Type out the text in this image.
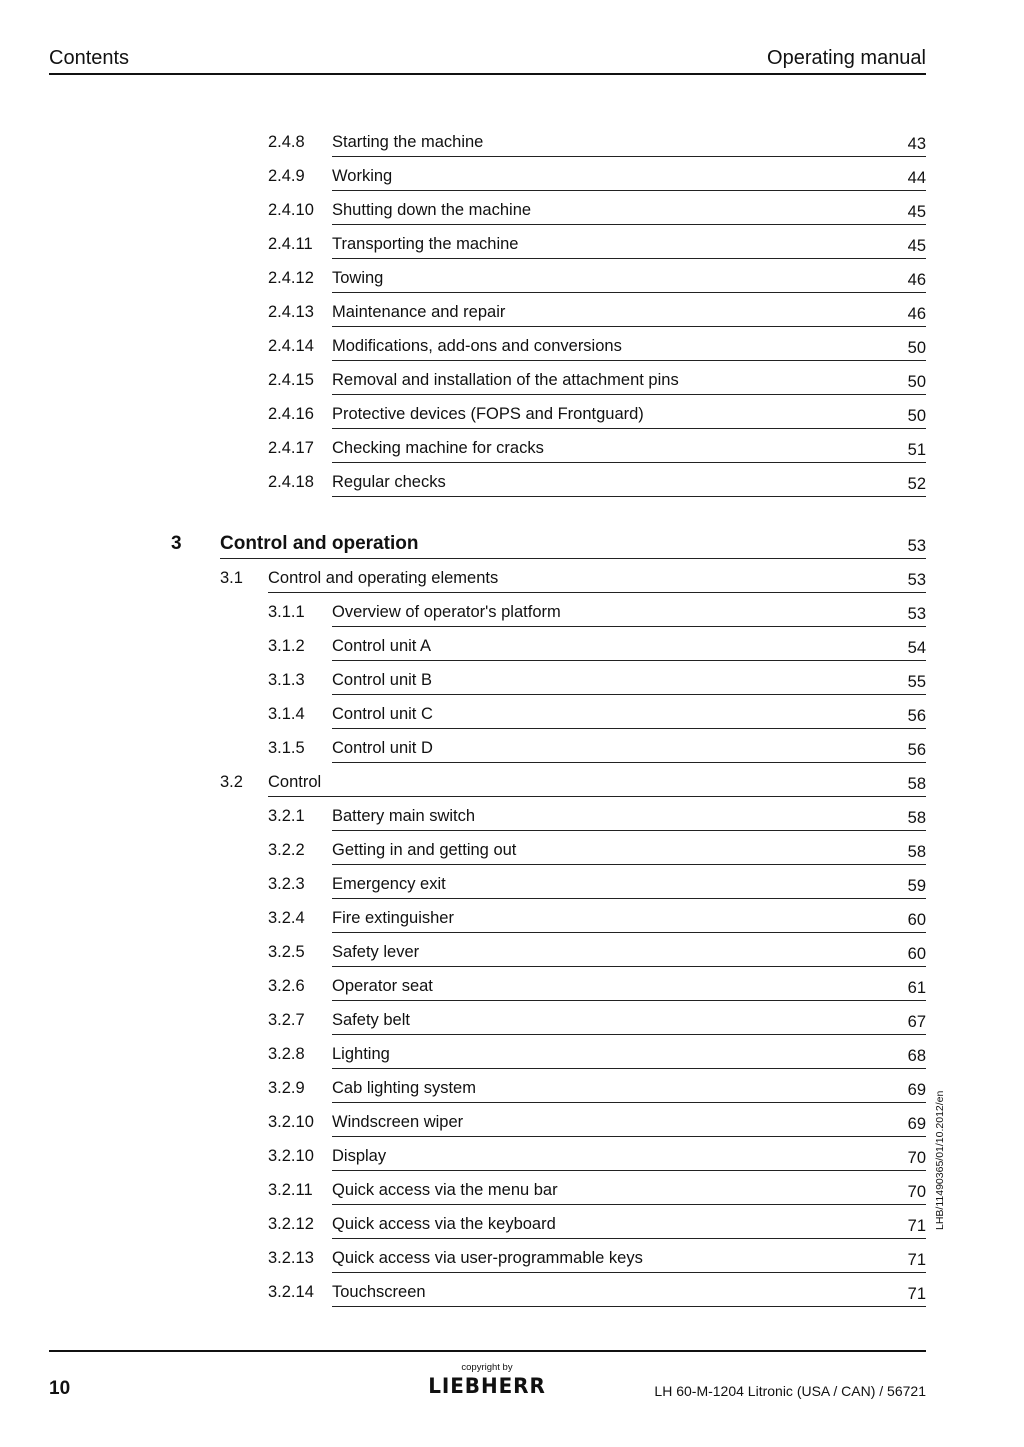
Contents	Operating manual
2.4.8 Starting the machine	43
2.4.9 Working	44
2.4.10 Shutting down the machine	45
2.4.11 Transporting the machine	45
2.4.12 Towing	46
2.4.13 Maintenance and repair	46
2.4.14 Modifications, add-ons and conversions	50
2.4.15 Removal and installation of the attachment pins	50
2.4.16 Protective devices (FOPS and Frontguard)	50
2.4.17 Checking machine for cracks	51
2.4.18 Regular checks	52
3 Control and operation	53
3.1 Control and operating elements	53
3.1.1 Overview of operator's platform	53
3.1.2 Control unit A	54
3.1.3 Control unit B	55
3.1.4 Control unit C	56
3.1.5 Control unit D	56
3.2 Control	58
3.2.1 Battery main switch	58
3.2.2 Getting in and getting out	58
3.2.3 Emergency exit	59
3.2.4 Fire extinguisher	60
3.2.5 Safety lever	60
3.2.6 Operator seat	61
3.2.7 Safety belt	67
3.2.8 Lighting	68
3.2.9 Cab lighting system	69
3.2.10 Windscreen wiper	69
3.2.10 Display	70
3.2.11 Quick access via the menu bar	70
3.2.12 Quick access via the keyboard	71
3.2.13 Quick access via user-programmable keys	71
3.2.14 Touchscreen	71
LHB/11490365/01/10.2012/en
10
copyright by
LIEBHERR	LH 60-M-1204 Litronic (USA / CAN) / 56721
